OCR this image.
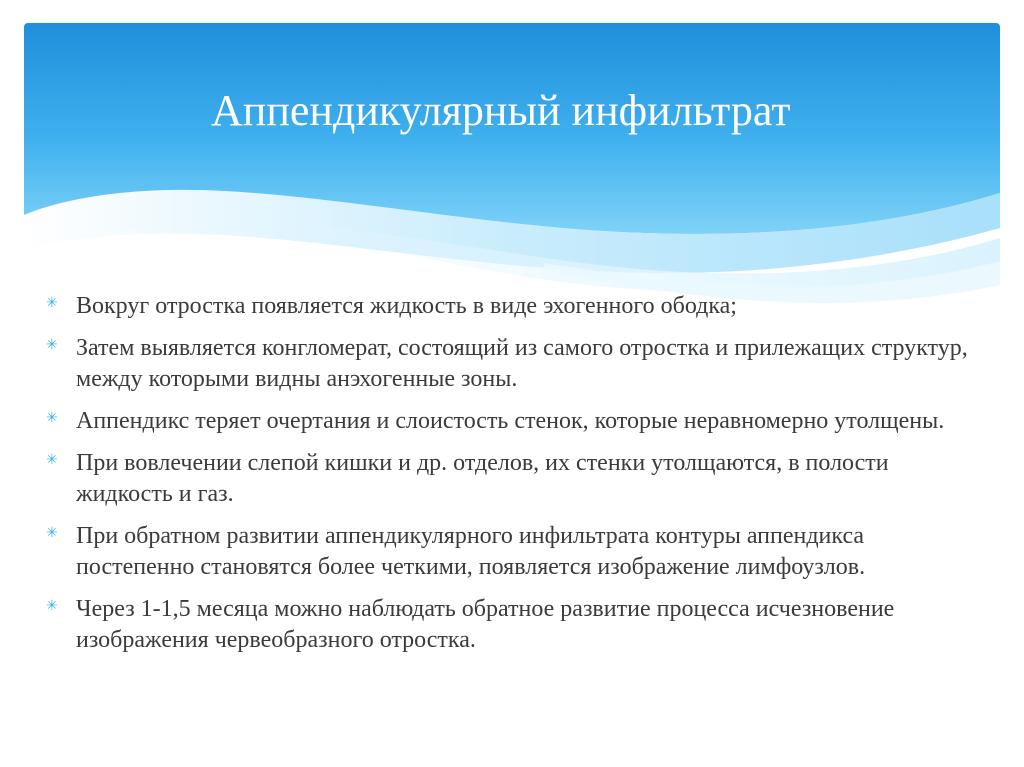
Аппендикулярный инфильтрат
✳ Вокруг отростка появляется жидкость в виде эхогенного ободка;
✳ Затем выявляется конгломерат, состоящий из самого отростка и прилежащих структур, между которыми видны анэхогенные зоны.
✳ Аппендикс теряет очертания и слоистость стенок, которые неравномерно утолщены.
✳ При вовлечении слепой кишки и др. отделов, их стенки утолщаются, в полости жидкость и газ.
✳ При обратном развитии аппендикулярного инфильтрата контуры аппендикса постепенно становятся более четкими, появляется изображение лимфоузлов.
✳ Через 1-1,5 месяца можно наблюдать обратное развитие процесса исчезновение изображения червеобразного отростка.
